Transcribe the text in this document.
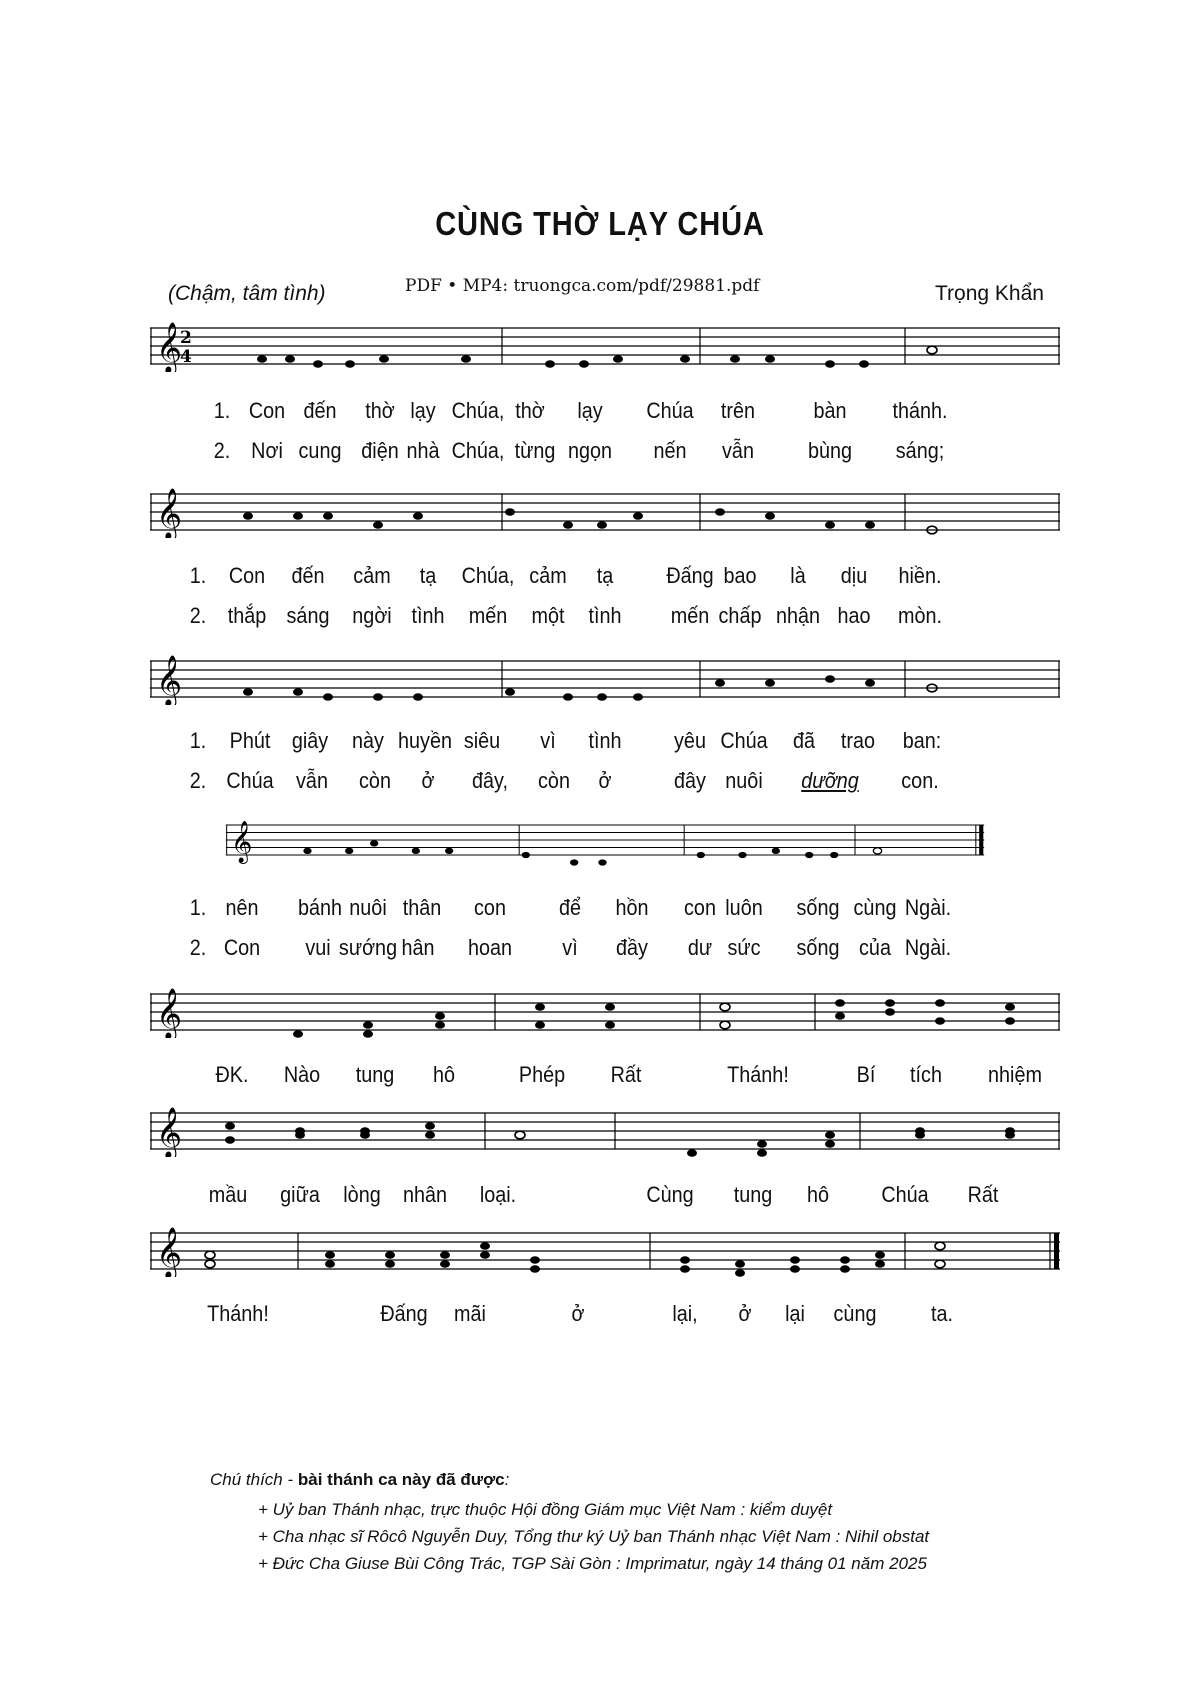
CÙNG THỜ LẠY CHÚA
(Chậm, tâm tình)	PDF • MP4: truongca.com/pdf/29881.pdf	Trọng Khẩn
𝄞
2
4
1. Con đến thờ lạy Chúa, thờ lạy Chúa trên	bàn thánh.
2. Nơi cung điện nhà Chúa, từng ngọn nến vẫn bùng sáng;
𝄞
1. Con đến cảm tạ Chúa, cảm tạ Đấng bao là dịu hiền.
2. thắp sáng ngời tình mến một tình mến chấp nhận hao mòn.
𝄞
1. Phút giây này huyền siêu vì tình yêu Chúa đã trao ban:
2. Chúa vẫn còn ở đây, còn ở	đây nuôi dưỡng con.
𝄞
1. nên bánh nuôi thân con để hồn con luôn sống cùng Ngài.
2. Con vui sướng hân hoan vì đầy dư sức sống của Ngài.
𝄞
ĐK. Nào tung hô	Phép Rất	Thánh!	Bí tích nhiệm
𝄞
mầu giữa lòng nhân loại.	Cùng tung hô Chúa Rất
𝄞
Thánh!	Đấng mãi	ở	lại, ở lại cùng ta.
Chú thích - bài thánh ca này đã được:
+ Uỷ ban Thánh nhạc, trực thuộc Hội đồng Giám mục Việt Nam : kiểm duyệt
+ Cha nhạc sĩ Rôcô Nguyễn Duy, Tổng thư ký Uỷ ban Thánh nhạc Việt Nam : Nihil obstat
+ Đức Cha Giuse Bùi Công Trác, TGP Sài Gòn : Imprimatur, ngày 14 tháng 01 năm 2025
